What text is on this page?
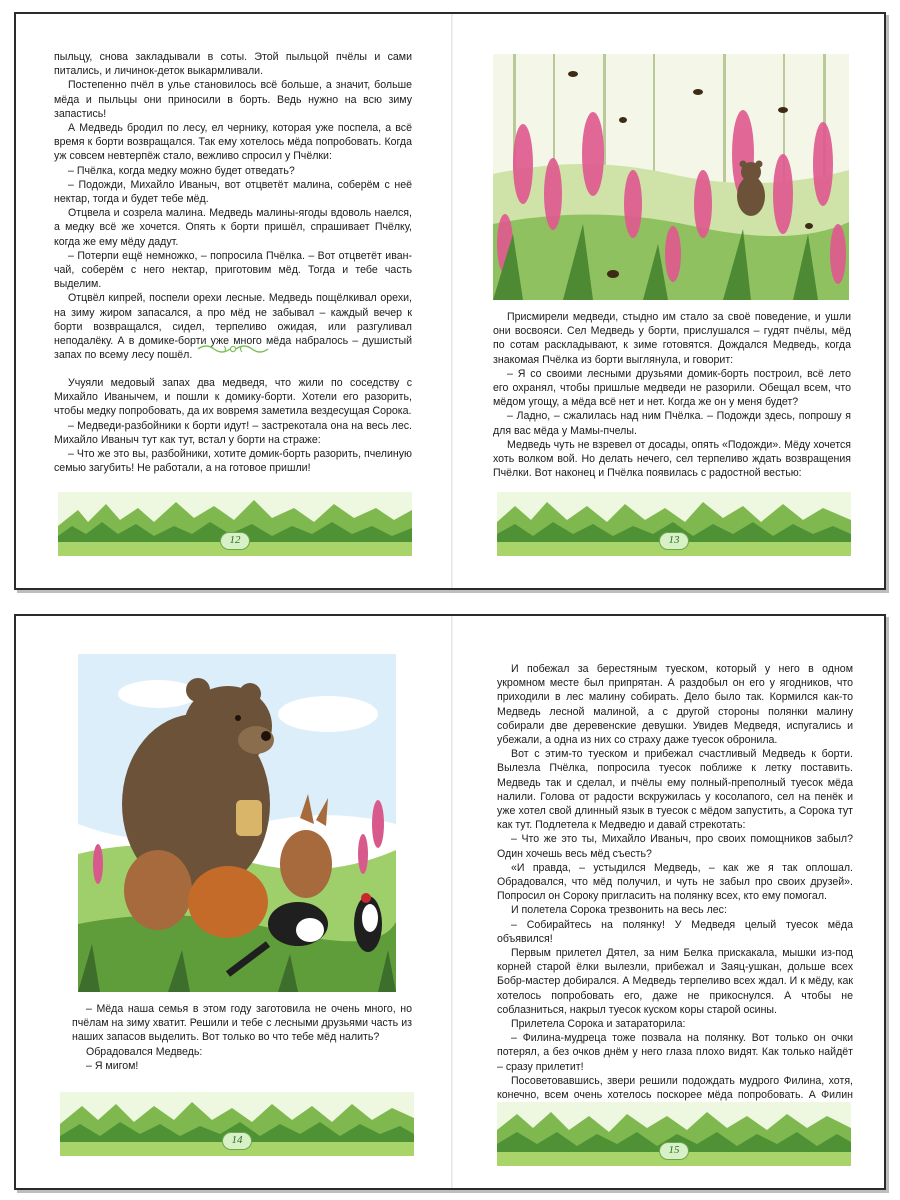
пыльцу, снова закладывали в соты. Этой пыльцой пчёлы и сами питались, и личинок-деток выкармливали.

Постепенно пчёл в улье становилось всё больше, а значит, больше мёда и пыльцы они приносили в борть. Ведь нужно на всю зиму запастись!

А Медведь бродил по лесу, ел чернику, которая уже поспела, а всё время к борти возвращался. Так ему хотелось мёда попробовать. Когда уж совсем невтерпёж стало, вежливо спросил у Пчёлки:

– Пчёлка, когда медку можно будет отведать?

– Подожди, Михайло Иваныч, вот отцветёт малина, соберём с неё нектар, тогда и будет тебе мёд.

Отцвела и созрела малина. Медведь малины-ягоды вдоволь наелся, а медку всё же хочется. Опять к борти пришёл, спрашивает Пчёлку, когда же ему мёду дадут.

– Потерпи ещё немножко, – попросила Пчёлка. – Вот отцветёт иван-чай, соберём с него нектар, приготовим мёд. Тогда и тебе часть выделим.

Отцвёл кипрей, поспели орехи лесные. Медведь пощёлкивал орехи, на зиму жиром запасался, а про мёд не забывал – каждый вечер к борти возвращался, сидел, терпеливо ожидая, или разгуливал неподалёку. А в домике-борти уже много мёда набралось – душистый запах по всему лесу пошёл.

Учуяли медовый запах два медведя, что жили по соседству с Михайло Иванычем, и пошли к домику-борти. Хотели его разорить, чтобы медку попробовать, да их вовремя заметила вездесущая Сорока.

– Медведи-разбойники к борти идут! – застрекотала она на весь лес. Михайло Иваныч тут как тут, встал у борти на страже:

– Что же это вы, разбойники, хотите домик-борть разорить, пчелиную семью загубить! Не работали, а на готовое пришли!

12

Присмирели медведи, стыдно им стало за своё поведение, и ушли они восвояси. Сел Медведь у борти, прислушался – гудят пчёлы, мёд по сотам раскладывают, к зиме готовятся. Дождался Медведь, когда знакомая Пчёлка из борти выглянула, и говорит:

– Я со своими лесными друзьями домик-борть построил, всё лето его охранял, чтобы пришлые медведи не разорили. Обещал всем, что мёдом угощу, а мёда всё нет и нет. Когда же он у меня будет?

– Ладно, – сжалилась над ним Пчёлка. – Подожди здесь, попрошу я для вас мёда у Мамы-пчелы.

Медведь чуть не взревел от досады, опять «Подожди». Мёду хочется хоть волком вой. Но делать нечего, сел терпеливо ждать возвращения Пчёлки. Вот наконец и Пчёлка появилась с радостной вестью:

13

– Мёда наша семья в этом году заготовила не очень много, но пчёлам на зиму хватит. Решили и тебе с лесными друзьями часть из наших запасов выделить. Вот только во что тебе мёд налить?

Обрадовался Медведь:

– Я мигом!

14

И побежал за берестяным туеском, который у него в одном укромном месте был припрятан. А раздобыл он его у ягодников, что приходили в лес малину собирать. Дело было так. Кормился как-то Медведь лесной малиной, а с другой стороны полянки малину собирали две деревенские девушки. Увидев Медведя, испугались и убежали, а одна из них со страху даже туесок обронила.

Вот с этим-то туеском и прибежал счастливый Медведь к борти. Вылезла Пчёлка, попросила туесок поближе к летку поставить. Медведь так и сделал, и пчёлы ему полный-преполный туесок мёда налили. Голова от радости вскружилась у косолапого, сел на пенёк и уже хотел свой длинный язык в туесок с мёдом запустить, а Сорока тут как тут. Подлетела к Медведю и давай стрекотать:

– Что же это ты, Михайло Иваныч, про своих помощников забыл? Один хочешь весь мёд съесть?

«И правда, – устыдился Медведь, – как же я так оплошал. Обрадовался, что мёд получил, и чуть не забыл про своих друзей». Попросил он Сороку пригласить на полянку всех, кто ему помогал.

И полетела Сорока трезвонить на весь лес:

– Собирайтесь на полянку! У Медведя целый туесок мёда объявился!

Первым прилетел Дятел, за ним Белка прискакала, мышки из-под корней старой ёлки вылезли, прибежал и Заяц-ушкан, дольше всех Бобр-мастер добирался. А Медведь терпеливо всех ждал. И к мёду, как хотелось попробовать его, даже не прикоснулся. А чтобы не соблазниться, накрыл туесок куском коры старой осины.

Прилетела Сорока и затараторила:

– Филина-мудреца тоже позвала на полянку. Вот только он очки потерял, а без очков днём у него глаза плохо видят. Как только найдёт – сразу прилетит!

Посоветовавшись, звери решили подождать мудрого Филина, хотя, конечно, всем очень хотелось поскорее мёда попробовать. А Филин

15
